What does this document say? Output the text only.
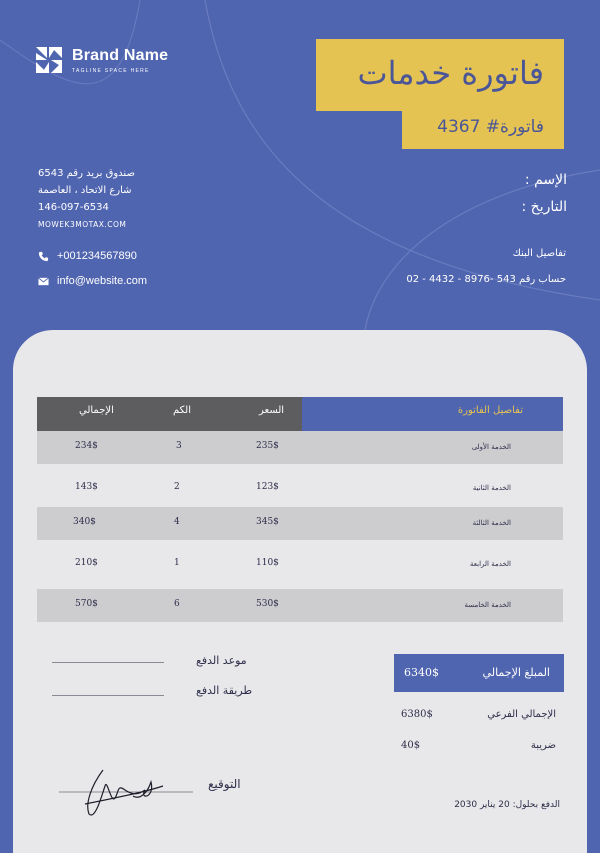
Brand Name
TAGLINE SPACE HERE	فاتورة خدمات
فاتورة# 4367
صندوق بريد رقم 6543
شارع الاتحاد ، العاصمة
146-097-6534
MOWEK3MOTAX.COM
+001234567890
info@website.com
الإسم :
التاريخ :
تفاصيل البنك
حساب رقم 543 -8976 - 4432 - 02
الإجمالي	الكم	السعر	تفاصيل الفاتورة
234$	3	235$	الخدمة الأولى
143$	2	123$	الخدمة الثانية
340$	4	345$	الخدمة الثالثة
210$	1	110$	الخدمة الرابعة
570$	6	530$	الخدمة الخامسة
موعد الدفع
طريقة الدفع
6340$	المبلغ الإجمالي
6380$	الإجمالي الفرعي
40$	ضريبة
التوقيع
الدفع بحلول: 20 يناير 2030
